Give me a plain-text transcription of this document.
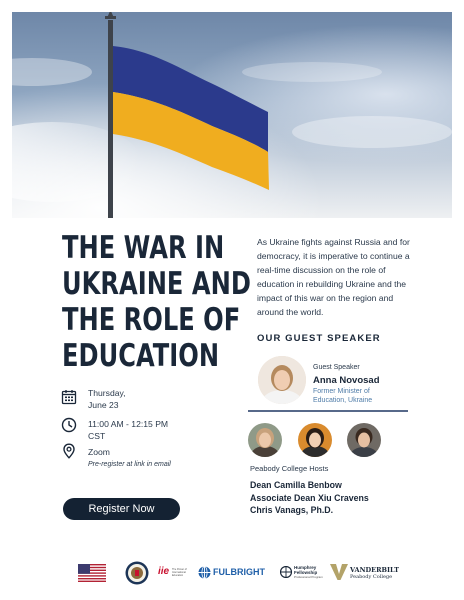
THE WAR IN
UKRAINE AND
THE ROLE OF
EDUCATION

As Ukraine fights against Russia and for democracy, it is imperative to continue a real-time discussion on the role of education in rebuilding Ukraine and the impact of this war on the region and around the world.

OUR GUEST SPEAKER
Guest Speaker
Anna Novosad
Former Minister of Education, Ukraine
Peabody College Hosts
Dean Camilla Benbow
Associate Dean Xiu Cravens
Chris Vanags, Ph.D.
Thursday,
June 23
11:00 AM - 12:15 PM
CST
Zoom
Pre-register at link in email
Register Now
iie The Power of International Education	FULBRIGHT	Humphrey Fellowship
Professional Program
VANDERBILT
Peabody College
